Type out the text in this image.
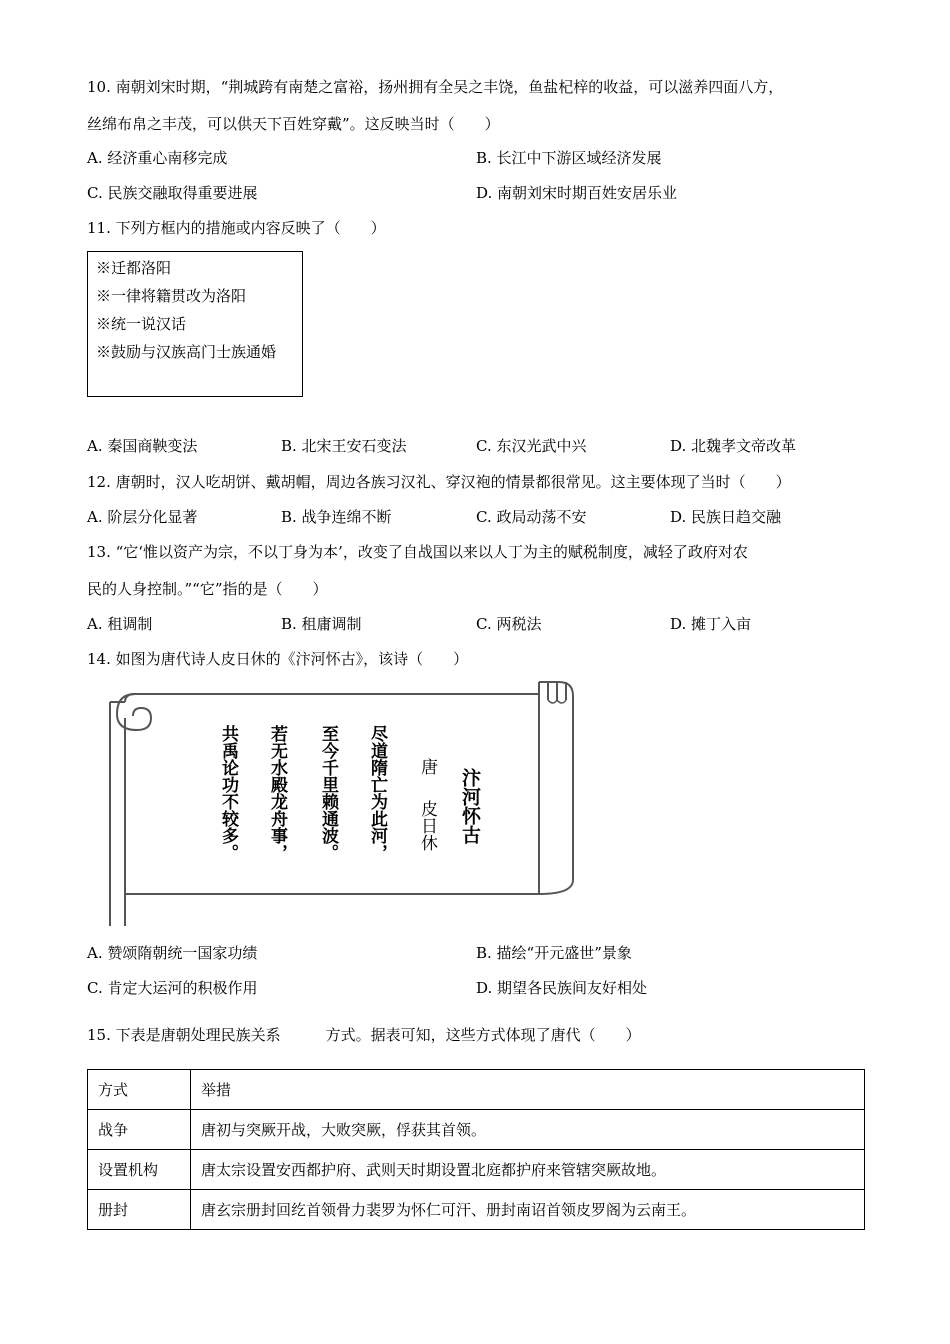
10. 南朝刘宋时期，“荆城跨有南楚之富裕，扬州拥有全吴之丰饶，鱼盐杞梓的收益，可以滋养四面八方，
丝绵布帛之丰茂，可以供天下百姓穿戴”。这反映当时（　　）
A. 经济重心南移完成	B. 长江中下游区域经济发展
C. 民族交融取得重要进展	D. 南朝刘宋时期百姓安居乐业
11. 下列方框内的措施或内容反映了（　　）
※迁都洛阳
※一律将籍贯改为洛阳
※统一说汉话
※鼓励与汉族高门士族通婚
A. 秦国商鞅变法	B. 北宋王安石变法	C. 东汉光武中兴	D. 北魏孝文帝改革
12. 唐朝时，汉人吃胡饼、戴胡帽，周边各族习汉礼、穿汉袍的情景都很常见。这主要体现了当时（　　）
A. 阶层分化显著	B. 战争连绵不断	C. 政局动荡不安	D. 民族日趋交融
13. “它‘惟以资产为宗，不以丁身为本’，改变了自战国以来以人丁为主的赋税制度，减轻了政府对农
民的人身控制。”“它”指的是（　　）
A. 租调制	B. 租庸调制	C. 两税法	D. 摊丁入亩
14. 如图为唐代诗人皮日休的《汴河怀古》，该诗（　　）
汴河怀古
唐
皮日休
尽道隋亡为此河，
至今千里赖通波。
若无水殿龙舟事，
共禹论功不较多。
A. 赞颂隋朝统一国家功绩	B. 描绘“开元盛世”景象
C. 肯定大运河的积极作用	D. 期望各民族间友好相处
15. 下表是唐朝处理民族关系　　　方式。据表可知，这些方式体现了唐代（　　）
方式	举措
战争	唐初与突厥开战，大败突厥，俘获其首领。
设置机构	唐太宗设置安西都护府、武则天时期设置北庭都护府来管辖突厥故地。
册封	唐玄宗册封回纥首领骨力裴罗为怀仁可汗、册封南诏首领皮罗阁为云南王。
